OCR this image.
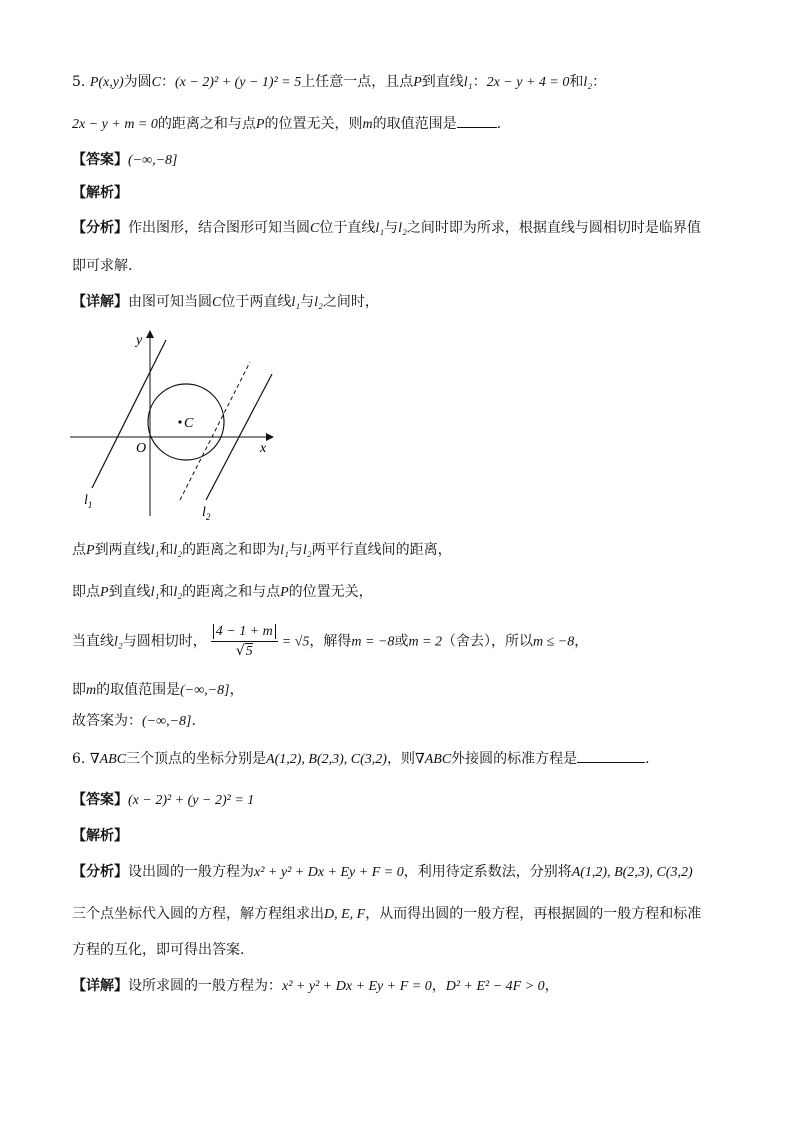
5. P(x,y)为圆C：(x − 2)² + (y − 1)² = 5上任意一点，且点P到直线l₁：2x − y + 4 = 0和l₂：
2x − y + m = 0的距离之和与点P的位置无关，则m的取值范围是	.
【答案】(−∞,−8]
【解析】
【分析】作出图形，结合图形可知当圆C位于直线l₁与l₂之间时即为所求，根据直线与圆相切时是临界值
即可求解.
【详解】由图可知当圆C位于两直线l₁与l₂之间时，
y
x
O
C
$l_1$	$l_2$
点P到两直线l₁和l₂的距离之和即为l₁与l₂两平行直线间的距离，
即点P到直线l₁和l₂的距离之和与点P的位置无关，
当直线l₂与圆相切时， $\frac{4 - 1 + m}{√5} = √5$，解得m = −8或m = 2（舍去），所以m ≤ −8，
即m的取值范围是(−∞,−8]，
故答案为：(−∞,−8].
6. ∇ABC三个顶点的坐标分别是A(1,2), B(2,3), C(3,2)，则∇ABC外接圆的标准方程是	.
【答案】(x − 2)² + (y − 2)² = 1
【解析】
【分析】设出圆的一般方程为x² + y² + Dx + Ey + F = 0，利用待定系数法，分别将A(1,2), B(2,3), C(3,2)
三个点坐标代入圆的方程，解方程组求出D, E, F，从而得出圆的一般方程，再根据圆的一般方程和标准
方程的互化，即可得出答案.
【详解】设所求圆的一般方程为：x² + y² + Dx + Ey + F = 0，D² + E² − 4F > 0，
